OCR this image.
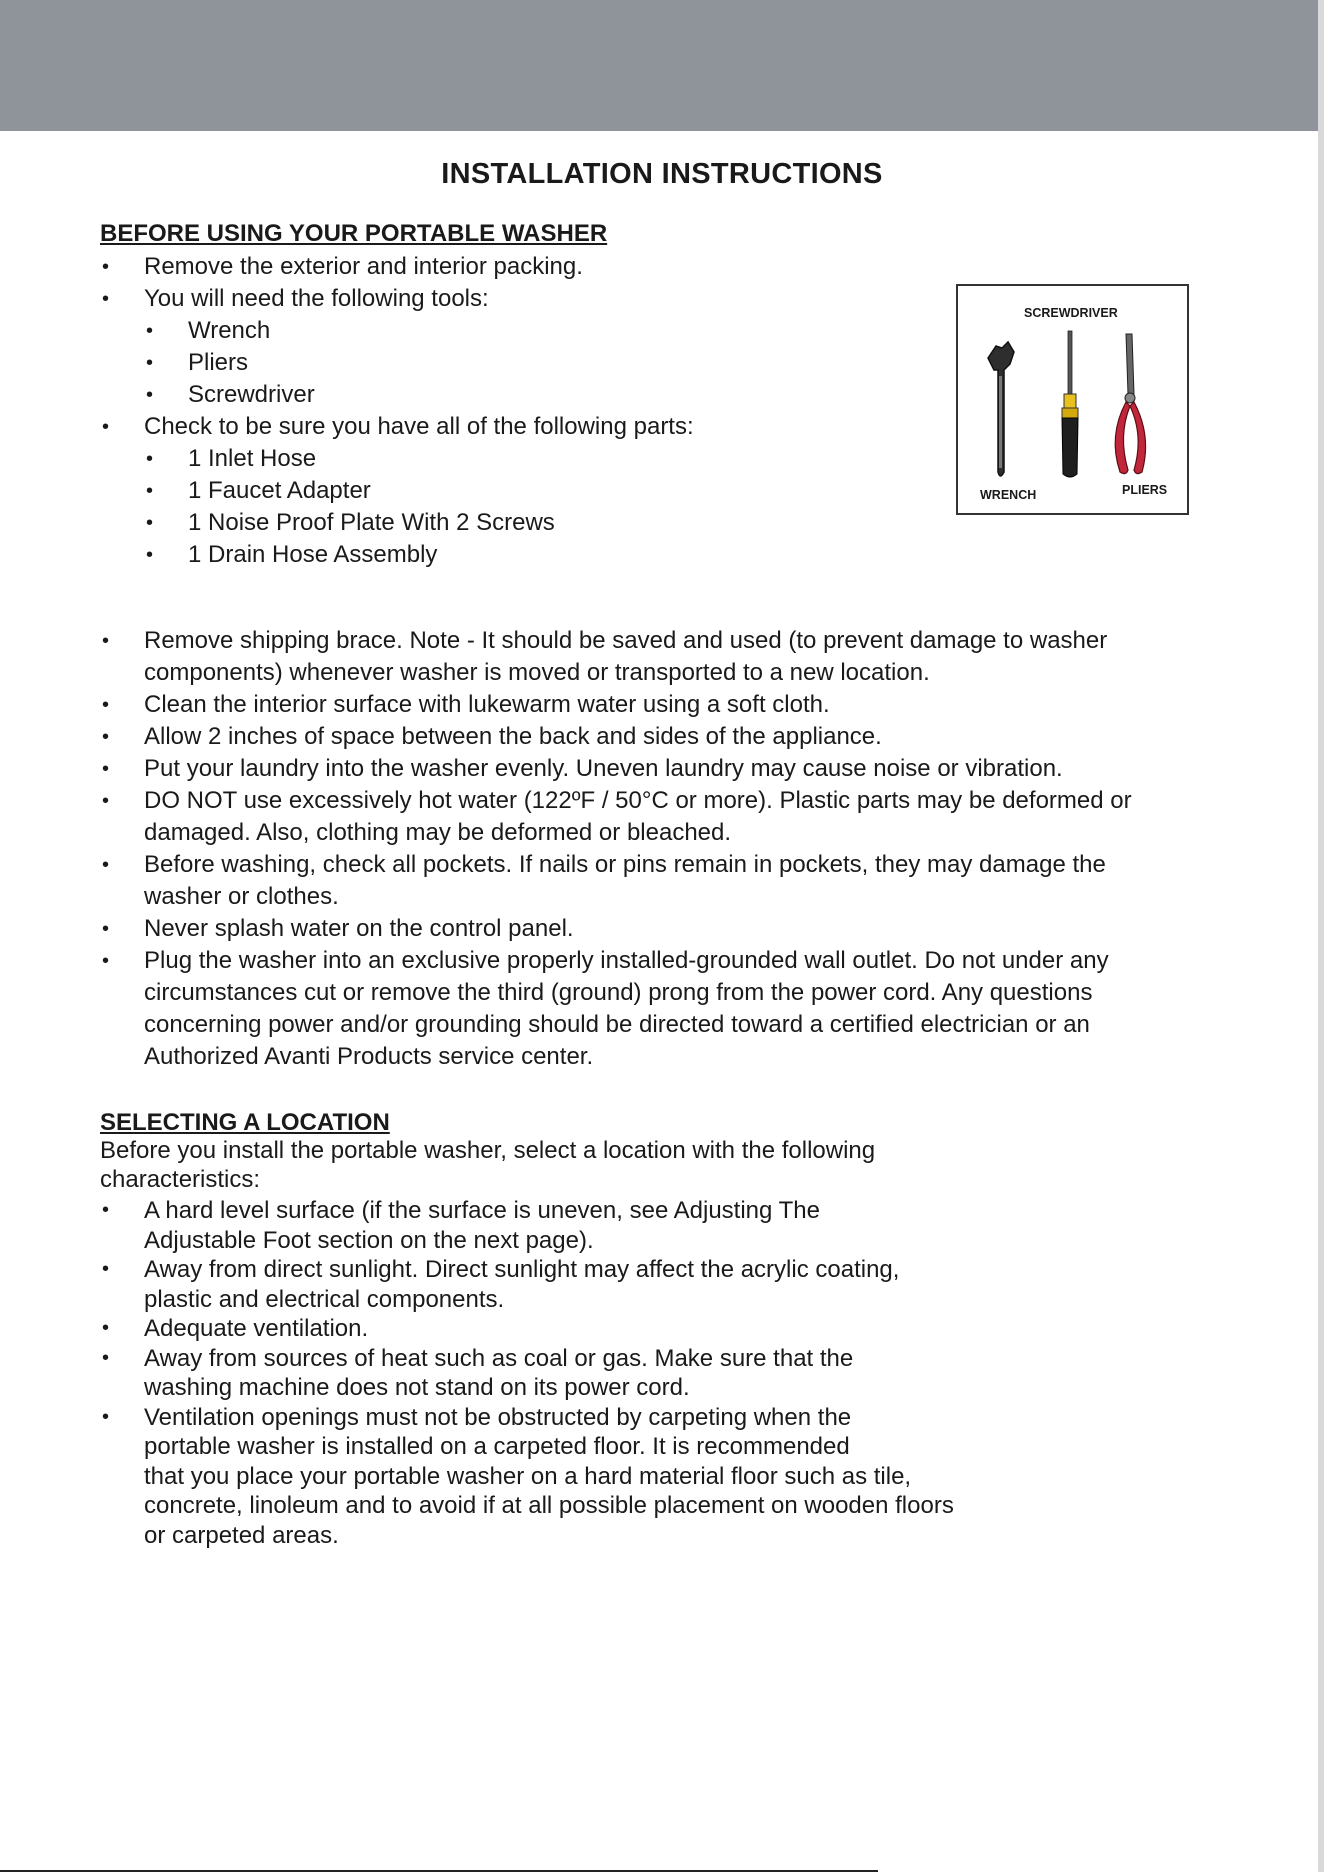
INSTALLATION INSTRUCTIONS
BEFORE USING YOUR PORTABLE WASHER
• Remove the exterior and interior packing.
• You will need the following tools:
• Wrench
• Pliers
• Screwdriver
• Check to be sure you have all of the following parts:
• 1 Inlet Hose
• 1 Faucet Adapter
• 1 Noise Proof Plate With 2 Screws
• 1 Drain Hose Assembly
SCREWDRIVER
WRENCH	PLIERS
• Remove shipping brace. Note - It should be saved and used (to prevent damage to washer
components) whenever washer is moved or transported to a new location.
• Clean the interior surface with lukewarm water using a soft cloth.
• Allow 2 inches of space between the back and sides of the appliance.
• Put your laundry into the washer evenly. Uneven laundry may cause noise or vibration.
• DO NOT use excessively hot water (122ºF / 50°C or more). Plastic parts may be deformed or
damaged. Also, clothing may be deformed or bleached.
• Before washing, check all pockets. If nails or pins remain in pockets, they may damage the
washer or clothes.
• Never splash water on the control panel.
• Plug the washer into an exclusive properly installed-grounded wall outlet. Do not under any
circumstances cut or remove the third (ground) prong from the power cord. Any questions
concerning power and/or grounding should be directed toward a certified electrician or an
Authorized Avanti Products service center.
SELECTING A LOCATION

Before you install the portable washer, select a location with the following
characteristics:

• A hard level surface (if the surface is uneven, see Adjusting The
Adjustable Foot section on the next page).
• Away from direct sunlight. Direct sunlight may affect the acrylic coating,
plastic and electrical components.
• Adequate ventilation.
• Away from sources of heat such as coal or gas. Make sure that the
washing machine does not stand on its power cord.
• Ventilation openings must not be obstructed by carpeting when the
portable washer is installed on a carpeted floor. It is recommended
that you place your portable washer on a hard material floor such as tile,
concrete, linoleum and to avoid if at all possible placement on wooden floors
or carpeted areas.
